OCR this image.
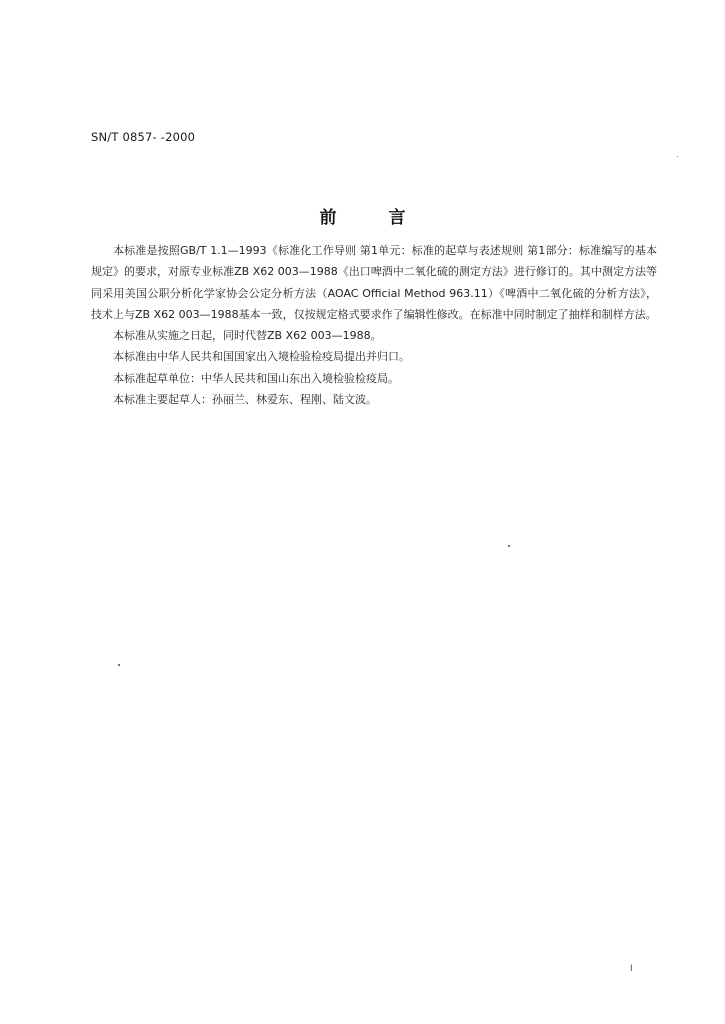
SN/T 0857- -2000
前	言

本标准是按照GB/T 1.1—1993《标准化工作导则 第1单元：标准的起草与表述规则 第1部分：标准编写的基本规定》的要求，对原专业标准ZB X62 003—1988《出口啤酒中二氧化硫的测定方法》进行修订的。其中测定方法等同采用美国公职分析化学家协会公定分析方法（AOAC Official Method 963.11）《啤酒中二氧化硫的分析方法》，技术上与ZB X62 003—1988基本一致，仅按规定格式要求作了编辑性修改。在标准中同时制定了抽样和制样方法。

本标准从实施之日起，同时代替ZB X62 003—1988。

本标准由中华人民共和国国家出入境检验检疫局提出并归口。

本标准起草单位：中华人民共和国山东出入境检验检疫局。

本标准主要起草人：孙丽兰、林爱东、程刚、陆文波。

I
